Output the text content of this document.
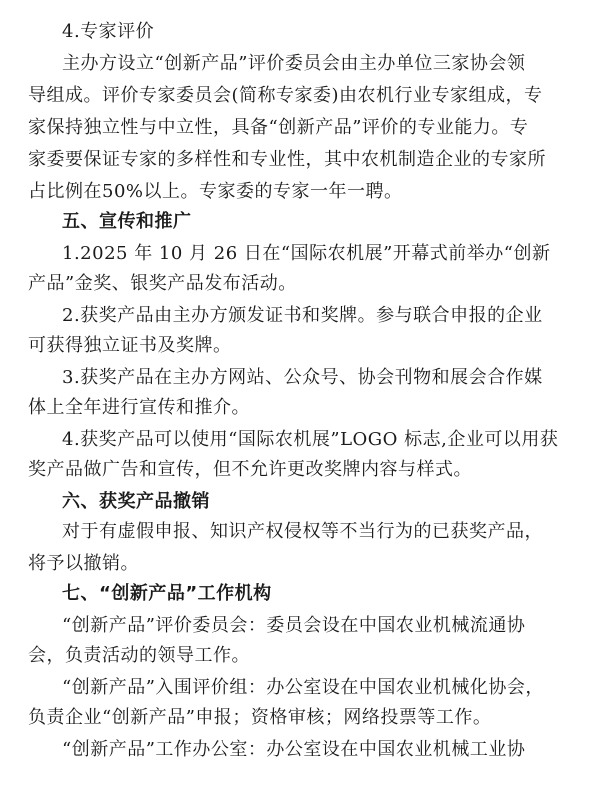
4.专家评价
主办方设立“创新产品”评价委员会由主办单位三家协会领
导组成。评价专家委员会(简称专家委)由农机行业专家组成，专
家保持独立性与中立性，具备“创新产品”评价的专业能力。专
家委要保证专家的多样性和专业性，其中农机制造企业的专家所
占比例在50%以上。专家委的专家一年一聘。
五、宣传和推广
1.2025 年 10 月 26 日在“国际农机展”开幕式前举办“创新
产品”金奖、银奖产品发布活动。
2.获奖产品由主办方颁发证书和奖牌。参与联合申报的企业
可获得独立证书及奖牌。
3.获奖产品在主办方网站、公众号、协会刊物和展会合作媒
体上全年进行宣传和推介。
4.获奖产品可以使用“国际农机展”LOGO 标志,企业可以用获
奖产品做广告和宣传，但不允许更改奖牌内容与样式。
六、获奖产品撤销
对于有虚假申报、知识产权侵权等不当行为的已获奖产品，
将予以撤销。
七、“创新产品”工作机构
“创新产品”评价委员会：委员会设在中国农业机械流通协
会，负责活动的领导工作。
“创新产品”入围评价组：办公室设在中国农业机械化协会，
负责企业“创新产品”申报；资格审核；网络投票等工作。
“创新产品”工作办公室：办公室设在中国农业机械工业协
